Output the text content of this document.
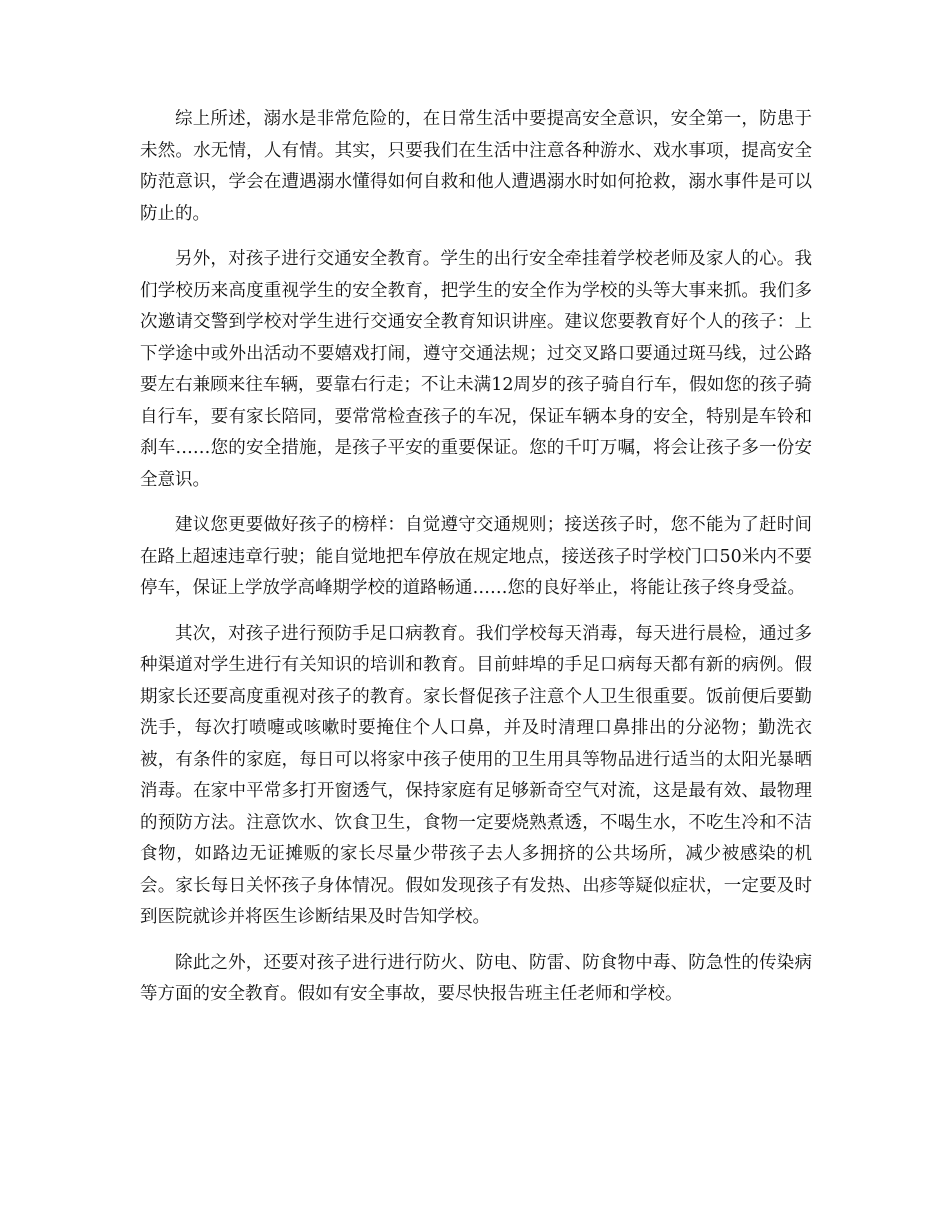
综上所述，溺水是非常危险的，在日常生活中要提高安全意识，安全第一，防患于未然。水无情，人有情。其实，只要我们在生活中注意各种游水、戏水事项，提高安全防范意识，学会在遭遇溺水懂得如何自救和他人遭遇溺水时如何抢救，溺水事件是可以防止的。

另外，对孩子进行交通安全教育。学生的出行安全牵挂着学校老师及家人的心。我们学校历来高度重视学生的安全教育，把学生的安全作为学校的头等大事来抓。我们多次邀请交警到学校对学生进行交通安全教育知识讲座。建议您要教育好个人的孩子：上下学途中或外出活动不要嬉戏打闹，遵守交通法规；过交叉路口要通过斑马线，过公路要左右兼顾来往车辆，要靠右行走；不让未满12周岁的孩子骑自行车，假如您的孩子骑自行车，要有家长陪同，要常常检查孩子的车况，保证车辆本身的安全，特别是车铃和刹车……您的安全措施，是孩子平安的重要保证。您的千叮万嘱，将会让孩子多一份安全意识。

建议您更要做好孩子的榜样：自觉遵守交通规则；接送孩子时，您不能为了赶时间在路上超速违章行驶；能自觉地把车停放在规定地点，接送孩子时学校门口50米内不要停车，保证上学放学高峰期学校的道路畅通……您的良好举止，将能让孩子终身受益。

其次，对孩子进行预防手足口病教育。我们学校每天消毒，每天进行晨检，通过多种渠道对学生进行有关知识的培训和教育。目前蚌埠的手足口病每天都有新的病例。假期家长还要高度重视对孩子的教育。家长督促孩子注意个人卫生很重要。饭前便后要勤洗手，每次打喷嚏或咳嗽时要掩住个人口鼻，并及时清理口鼻排出的分泌物；勤洗衣被，有条件的家庭，每日可以将家中孩子使用的卫生用具等物品进行适当的太阳光暴晒消毒。在家中平常多打开窗透气，保持家庭有足够新奇空气对流，这是最有效、最物理的预防方法。注意饮水、饮食卫生，食物一定要烧熟煮透，不喝生水，不吃生冷和不洁食物，如路边无证摊贩的家长尽量少带孩子去人多拥挤的公共场所，减少被感染的机会。家长每日关怀孩子身体情况。假如发现孩子有发热、出疹等疑似症状，一定要及时到医院就诊并将医生诊断结果及时告知学校。

除此之外，还要对孩子进行进行防火、防电、防雷、防食物中毒、防急性的传染病等方面的安全教育。假如有安全事故，要尽快报告班主任老师和学校。
